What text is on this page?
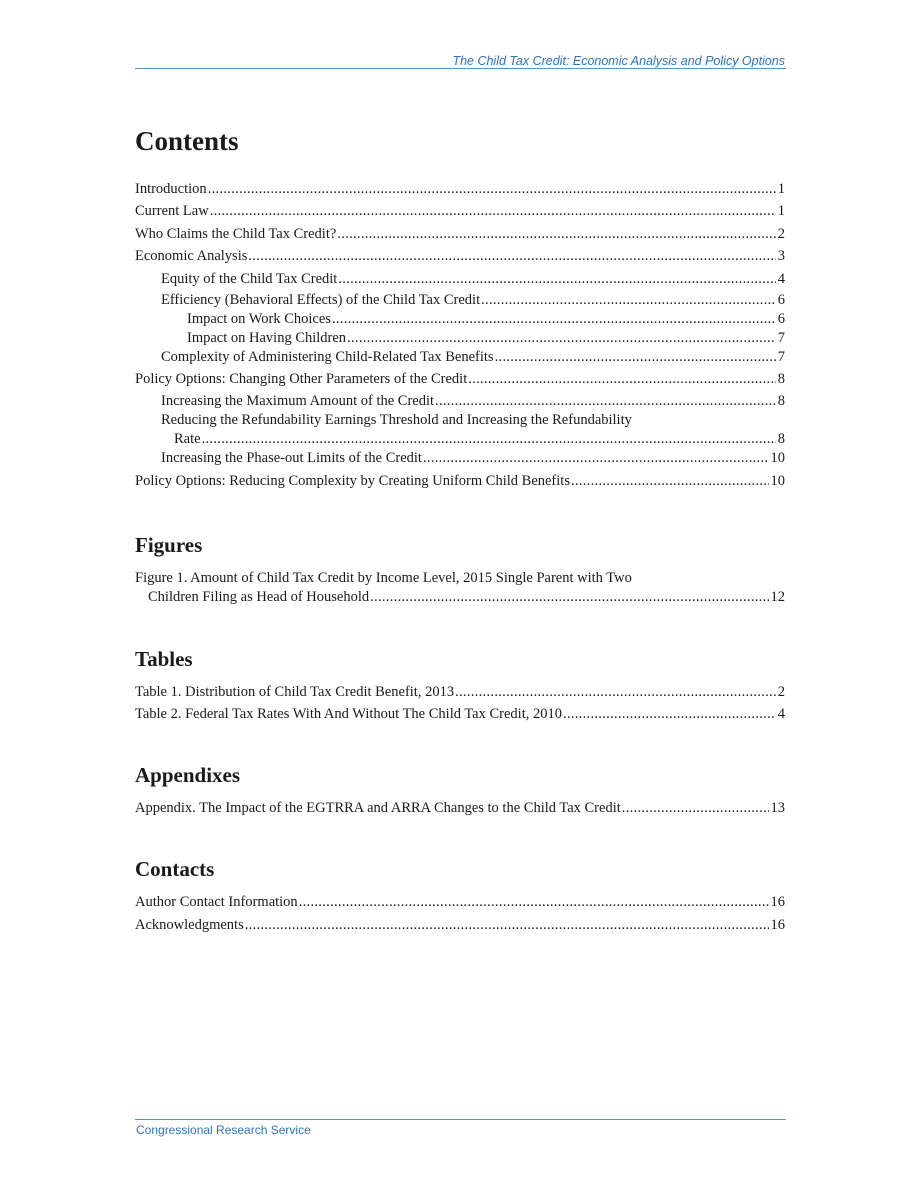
The Child Tax Credit: Economic Analysis and Policy Options
Contents
Introduction .....	1
Current Law .....	1
Who Claims the Child Tax Credit? .....	2
Economic Analysis .....	3
Equity of the Child Tax Credit .....	4
Efficiency (Behavioral Effects) of the Child Tax Credit .....	6
Impact on Work Choices .....	6
Impact on Having Children .....	7
Complexity of Administering Child-Related Tax Benefits .....	7
Policy Options: Changing Other Parameters of the Credit .....	8
Increasing the Maximum Amount of the Credit .....	8
Reducing the Refundability Earnings Threshold and Increasing the Refundability
Rate .....	8
Increasing the Phase-out Limits of the Credit .....	10
Policy Options: Reducing Complexity by Creating Uniform Child Benefits .....	10
Figures
Figure 1. Amount of Child Tax Credit by Income Level, 2015 Single Parent with Two
Children Filing as Head of Household .....	12
Tables
Table 1. Distribution of Child Tax Credit Benefit, 2013 .....	2
Table 2. Federal Tax Rates With And Without The Child Tax Credit, 2010 .....	4
Appendixes
Appendix. The Impact of the EGTRRA and ARRA Changes to the Child Tax Credit .....	13
Contacts
Author Contact Information .....	16
Acknowledgments .....	16
Congressional Research Service
